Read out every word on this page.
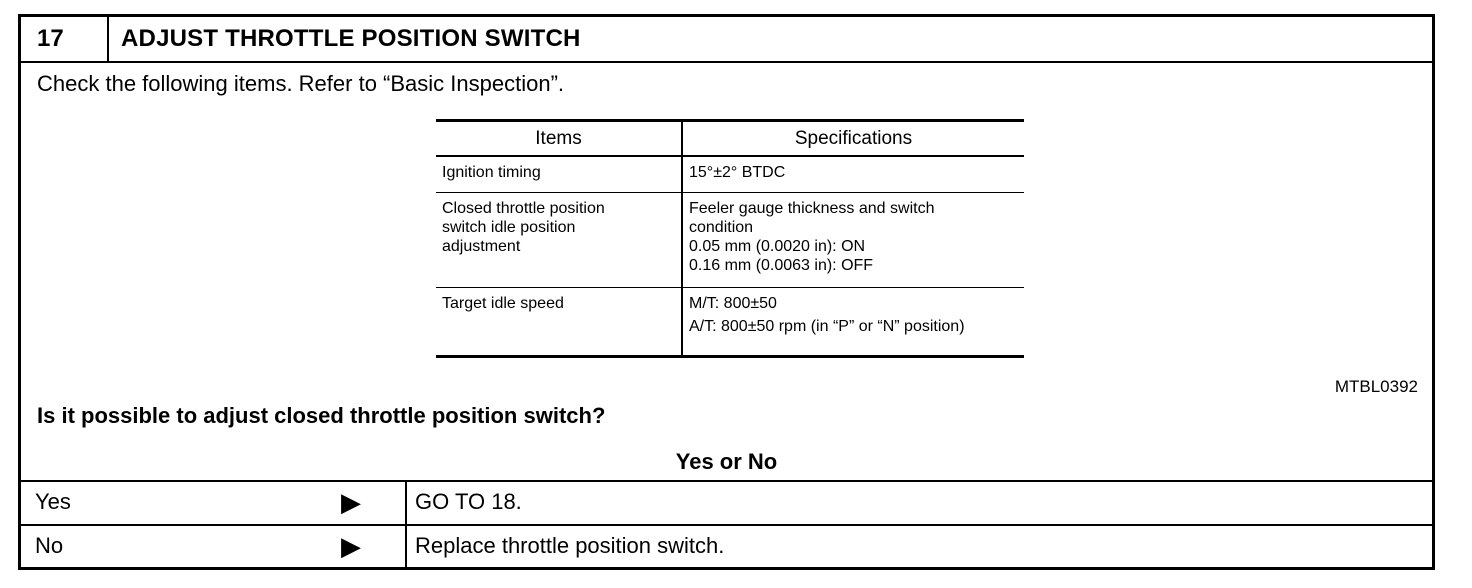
17	ADJUST THROTTLE POSITION SWITCH
Check the following items. Refer to “Basic Inspection”.
Items	Specifications

Ignition timing	15°±2° BTDC

Closed throttle position
switch idle position
adjustment	Feeler gauge thickness and switch
condition
0.05 mm (0.0020 in): ON
0.16 mm (0.0063 in): OFF

Target idle speed	M/T: 800±50
A/T: 800±50 rpm (in “P” or “N” position)
MTBL0392
Is it possible to adjust closed throttle position switch?
Yes or No
Yes	▶ GO TO 18.
No	▶ Replace throttle position switch.
